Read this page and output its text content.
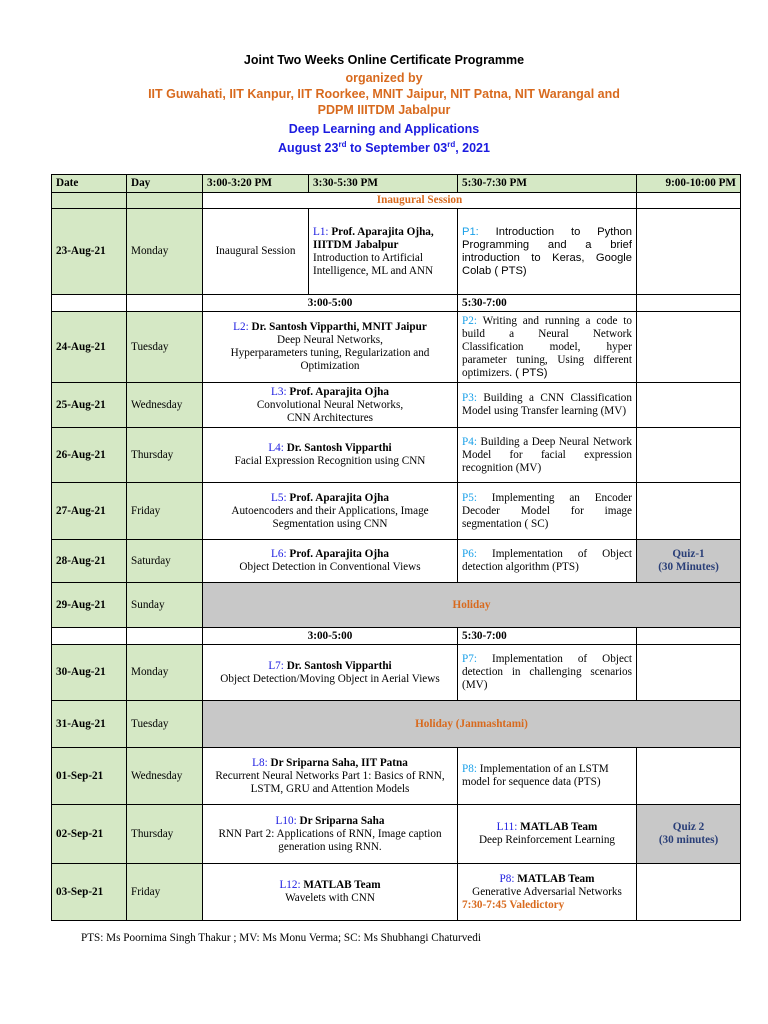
Joint Two Weeks Online Certificate Programme
organized by
IIT Guwahati, IIT Kanpur, IIT Roorkee, MNIT Jaipur, NIT Patna, NIT Warangal and
PDPM IIITDM Jabalpur
Deep Learning and Applications
August 23rd to September 03rd, 2021
Date	Day	3:00-3:20 PM	3:30-5:30 PM	5:30-7:30 PM	9:00-10:00 PM
		Inaugural Session			
23-Aug-21	Monday	Inaugural Session	L1: Prof. Aparajita Ojha, IIITDM Jabalpur
Introduction to Artificial Intelligence, ML and ANN	P1: Introduction to Python Programming and a brief introduction to Keras, Google Colab ( PTS)	
		3:00-5:00		5:30-7:00	
24-Aug-21	Tuesday	L2: Dr. Santosh Vipparthi, MNIT Jaipur
Deep Neural Networks,
Hyperparameters tuning, Regularization and Optimization		P2: Writing and running a code to build a Neural Network Classification model, hyper parameter tuning, Using different optimizers. ( PTS)	
25-Aug-21	Wednesday	L3: Prof. Aparajita Ojha
Convolutional Neural Networks,
CNN Architectures		P3: Building a CNN Classification Model using Transfer learning (MV)	
26-Aug-21	Thursday	L4: Dr. Santosh Vipparthi
Facial Expression Recognition using CNN		P4: Building a Deep Neural Network Model for facial expression recognition (MV)	
27-Aug-21	Friday	L5: Prof. Aparajita Ojha
Autoencoders and their Applications, Image Segmentation using CNN		P5: Implementing an Encoder Decoder Model for image segmentation ( SC)	
28-Aug-21	Saturday	L6: Prof. Aparajita Ojha
Object Detection in Conventional Views		P6: Implementation of Object detection algorithm (PTS)	Quiz-1
(30 Minutes)
29-Aug-21	Sunday	Holiday			
		3:00-5:00		5:30-7:00	
30-Aug-21	Monday	L7: Dr. Santosh Vipparthi
Object Detection/Moving Object in Aerial Views		P7: Implementation of Object detection in challenging scenarios (MV)	
31-Aug-21	Tuesday	Holiday (Janmashtami)			
01-Sep-21	Wednesday	L8: Dr Sriparna Saha, IIT Patna
Recurrent Neural Networks Part 1: Basics of RNN, LSTM, GRU and Attention Models		P8: Implementation of an LSTM model for sequence data (PTS)	
02-Sep-21	Thursday	L10: Dr Sriparna Saha
RNN Part 2: Applications of RNN, Image caption generation using RNN.		L11: MATLAB Team
Deep Reinforcement Learning	Quiz 2
(30 minutes)
03-Sep-21	Friday	L12: MATLAB Team
Wavelets with CNN		P8: MATLAB Team
Generative Adversarial Networks

7:30-7:45 Valedictory	

PTS: Ms Poornima Singh Thakur ; MV: Ms Monu Verma; SC: Ms Shubhangi Chaturvedi
